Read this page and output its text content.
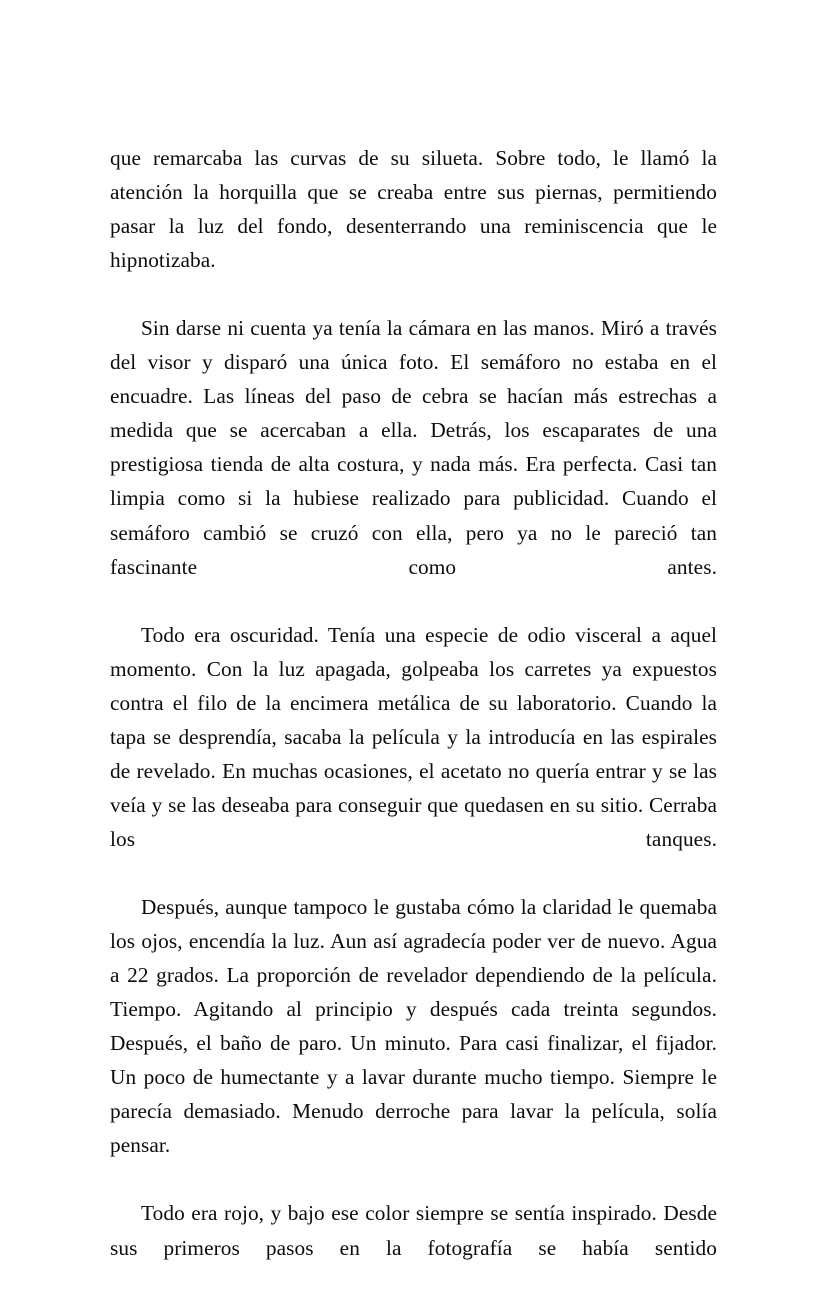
que remarcaba las curvas de su silueta. Sobre todo, le llamó la atención la horquilla que se creaba entre sus piernas, permitiendo pasar la luz del fondo, desenterrando una reminiscencia que le hipnotizaba.

Sin darse ni cuenta ya tenía la cámara en las manos. Miró a través del visor y disparó una única foto. El semáforo no estaba en el encuadre. Las líneas del paso de cebra se hacían más estrechas a medida que se acercaban a ella. Detrás, los escaparates de una prestigiosa tienda de alta costura, y nada más. Era perfecta. Casi tan limpia como si la hubiese realizado para publicidad. Cuando el semáforo cambió se cruzó con ella, pero ya no le pareció tan fascinante como antes.

Todo era oscuridad. Tenía una especie de odio visceral a aquel momento. Con la luz apagada, golpeaba los carretes ya expuestos contra el filo de la encimera metálica de su laboratorio. Cuando la tapa se desprendía, sacaba la película y la introducía en las espirales de revelado. En muchas ocasiones, el acetato no quería entrar y se las veía y se las deseaba para conseguir que quedasen en su sitio. Cerraba los tanques.

Después, aunque tampoco le gustaba cómo la claridad le quemaba los ojos, encendía la luz. Aun así agradecía poder ver de nuevo. Agua a 22 grados. La proporción de revelador dependiendo de la película. Tiempo. Agitando al principio y después cada treinta segundos. Después, el baño de paro. Un minuto. Para casi finalizar, el fijador. Un poco de humectante y a lavar durante mucho tiempo. Siempre le parecía demasiado. Menudo derroche para lavar la película, solía pensar.

Todo era rojo, y bajo ese color siempre se sentía inspirado. Desde sus primeros pasos en la fotografía se había sentido
